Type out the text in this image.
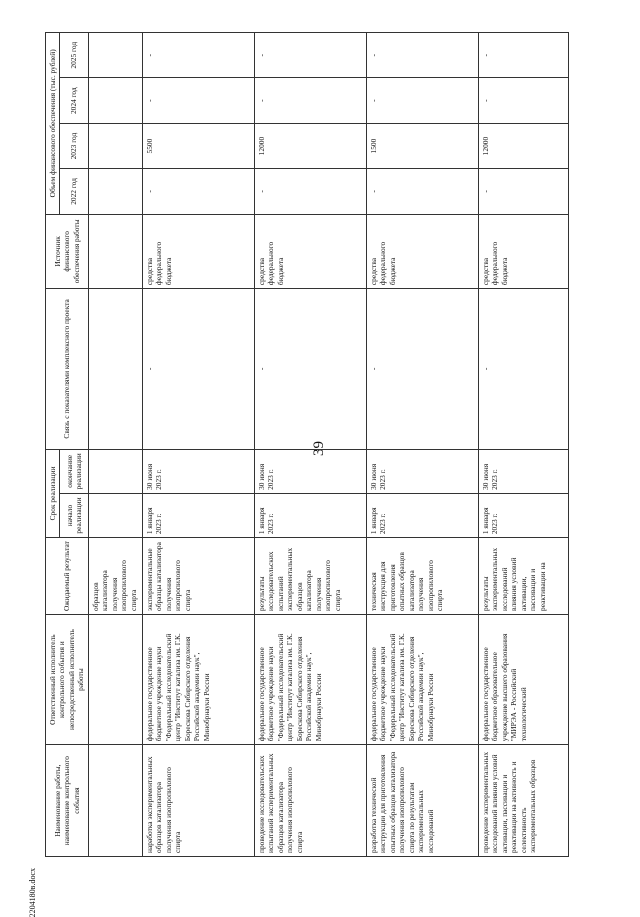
39
2204180в.docx
Наименование работы, наименование контрольного события	Ответственный исполнитель контрольного события и непосредственный исполнитель работы	Ожидаемый результат	Срок реализации		Связь с показателями комплексного проекта	Источник финансового обеспечения работы	Объем финансового обеспечения (тыс. рублей)			
			начало реализации	окончание реализации			2022 год	2023 год	2024 год	2025 год

		образцов катализатора получения изопропилового спирта								
наработка экспериментальных образцов катализатора получения изопропилового спирта	федеральное государственное бюджетное учреждение науки "Федеральный исследовательский центр "Институт катализа им. Г.К. Борескова Сибирского отделения Российской академии наук", Минобрнауки России	экспериментальные образцы катализатора получения изопропилового спирта	1 января 2023 г.	30 июня 2023 г.	-	средства федерального бюджета	-	5500	-	-
проведение исследовательских испытаний экспериментальных образцов катализатора получения изопропилового спирта	федеральное государственное бюджетное учреждение науки "Федеральный исследовательский центр "Институт катализа им. Г.К. Борескова Сибирского отделения Российской академии наук", Минобрнауки России	результаты исследовательских испытаний экспериментальных образцов катализатора получения изопропилового спирта	1 января 2023 г.	30 июня 2023 г.	-	средства федерального бюджета	-	12000	-	-
разработка технической инструкции для приготовления опытных образцов катализатора получения изопропилового спирта по результатам экспериментальных исследований	федеральное государственное бюджетное учреждение науки "Федеральный исследовательский центр "Институт катализа им. Г.К. Борескова Сибирского отделения Российской академии наук", Минобрнауки России	техническая инструкция для приготовления опытных образцов катализатора получения изопропилового спирта	1 января 2023 г.	30 июня 2023 г.	-	средства федерального бюджета	-	1500	-	-
проведение экспериментальных исследований влияния условий активации, пассивации и реактивации на активность и селективность экспериментальных образцов	федеральное государственное бюджетное образовательное учреждение высшего образования "МИРЭА - Российский технологический	результаты экспериментальных исследований влияния условий активации, пассивации и реактивации на	1 января 2023 г.	30 июня 2023 г.	-	средства федерального бюджета	-	12000	-	-
